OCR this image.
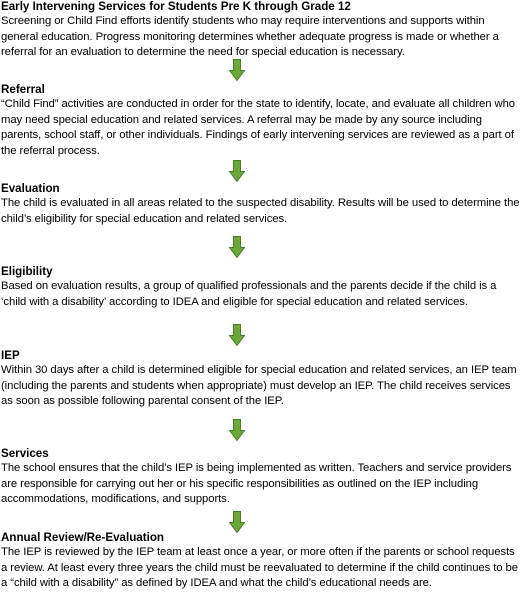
Early Intervening Services for Students Pre K through Grade 12

Screening or Child Find efforts identify students who may require interventions and supports within general education. Progress monitoring determines whether adequate progress is made or whether a referral for an evaluation to determine the need for special education is necessary.

Referral

“Child Find” activities are conducted in order for the state to identify, locate, and evaluate all children who may need special education and related services. A referral may be made by any source including parents, school staff, or other individuals. Findings of early intervening services are reviewed as a part of the referral process.

Evaluation

The child is evaluated in all areas related to the suspected disability. Results will be used to determine the child’s eligibility for special education and related services.

Eligibility

Based on evaluation results, a group of qualified professionals and the parents decide if the child is a ‘child with a disability’ according to IDEA and eligible for special education and related services.

IEP

Within 30 days after a child is determined eligible for special education and related services, an IEP team (including the parents and students when appropriate) must develop an IEP. The child receives services as soon as possible following parental consent of the IEP.

Services

The school ensures that the child’s IEP is being implemented as written. Teachers and service providers are responsible for carrying out her or his specific responsibilities as outlined on the IEP including accommodations, modifications, and supports.

Annual Review/Re-Evaluation

The IEP is reviewed by the IEP team at least once a year, or more often if the parents or school requests a review. At least every three years the child must be reevaluated to determine if the child continues to be a “child with a disability” as defined by IDEA and what the child’s educational needs are.
